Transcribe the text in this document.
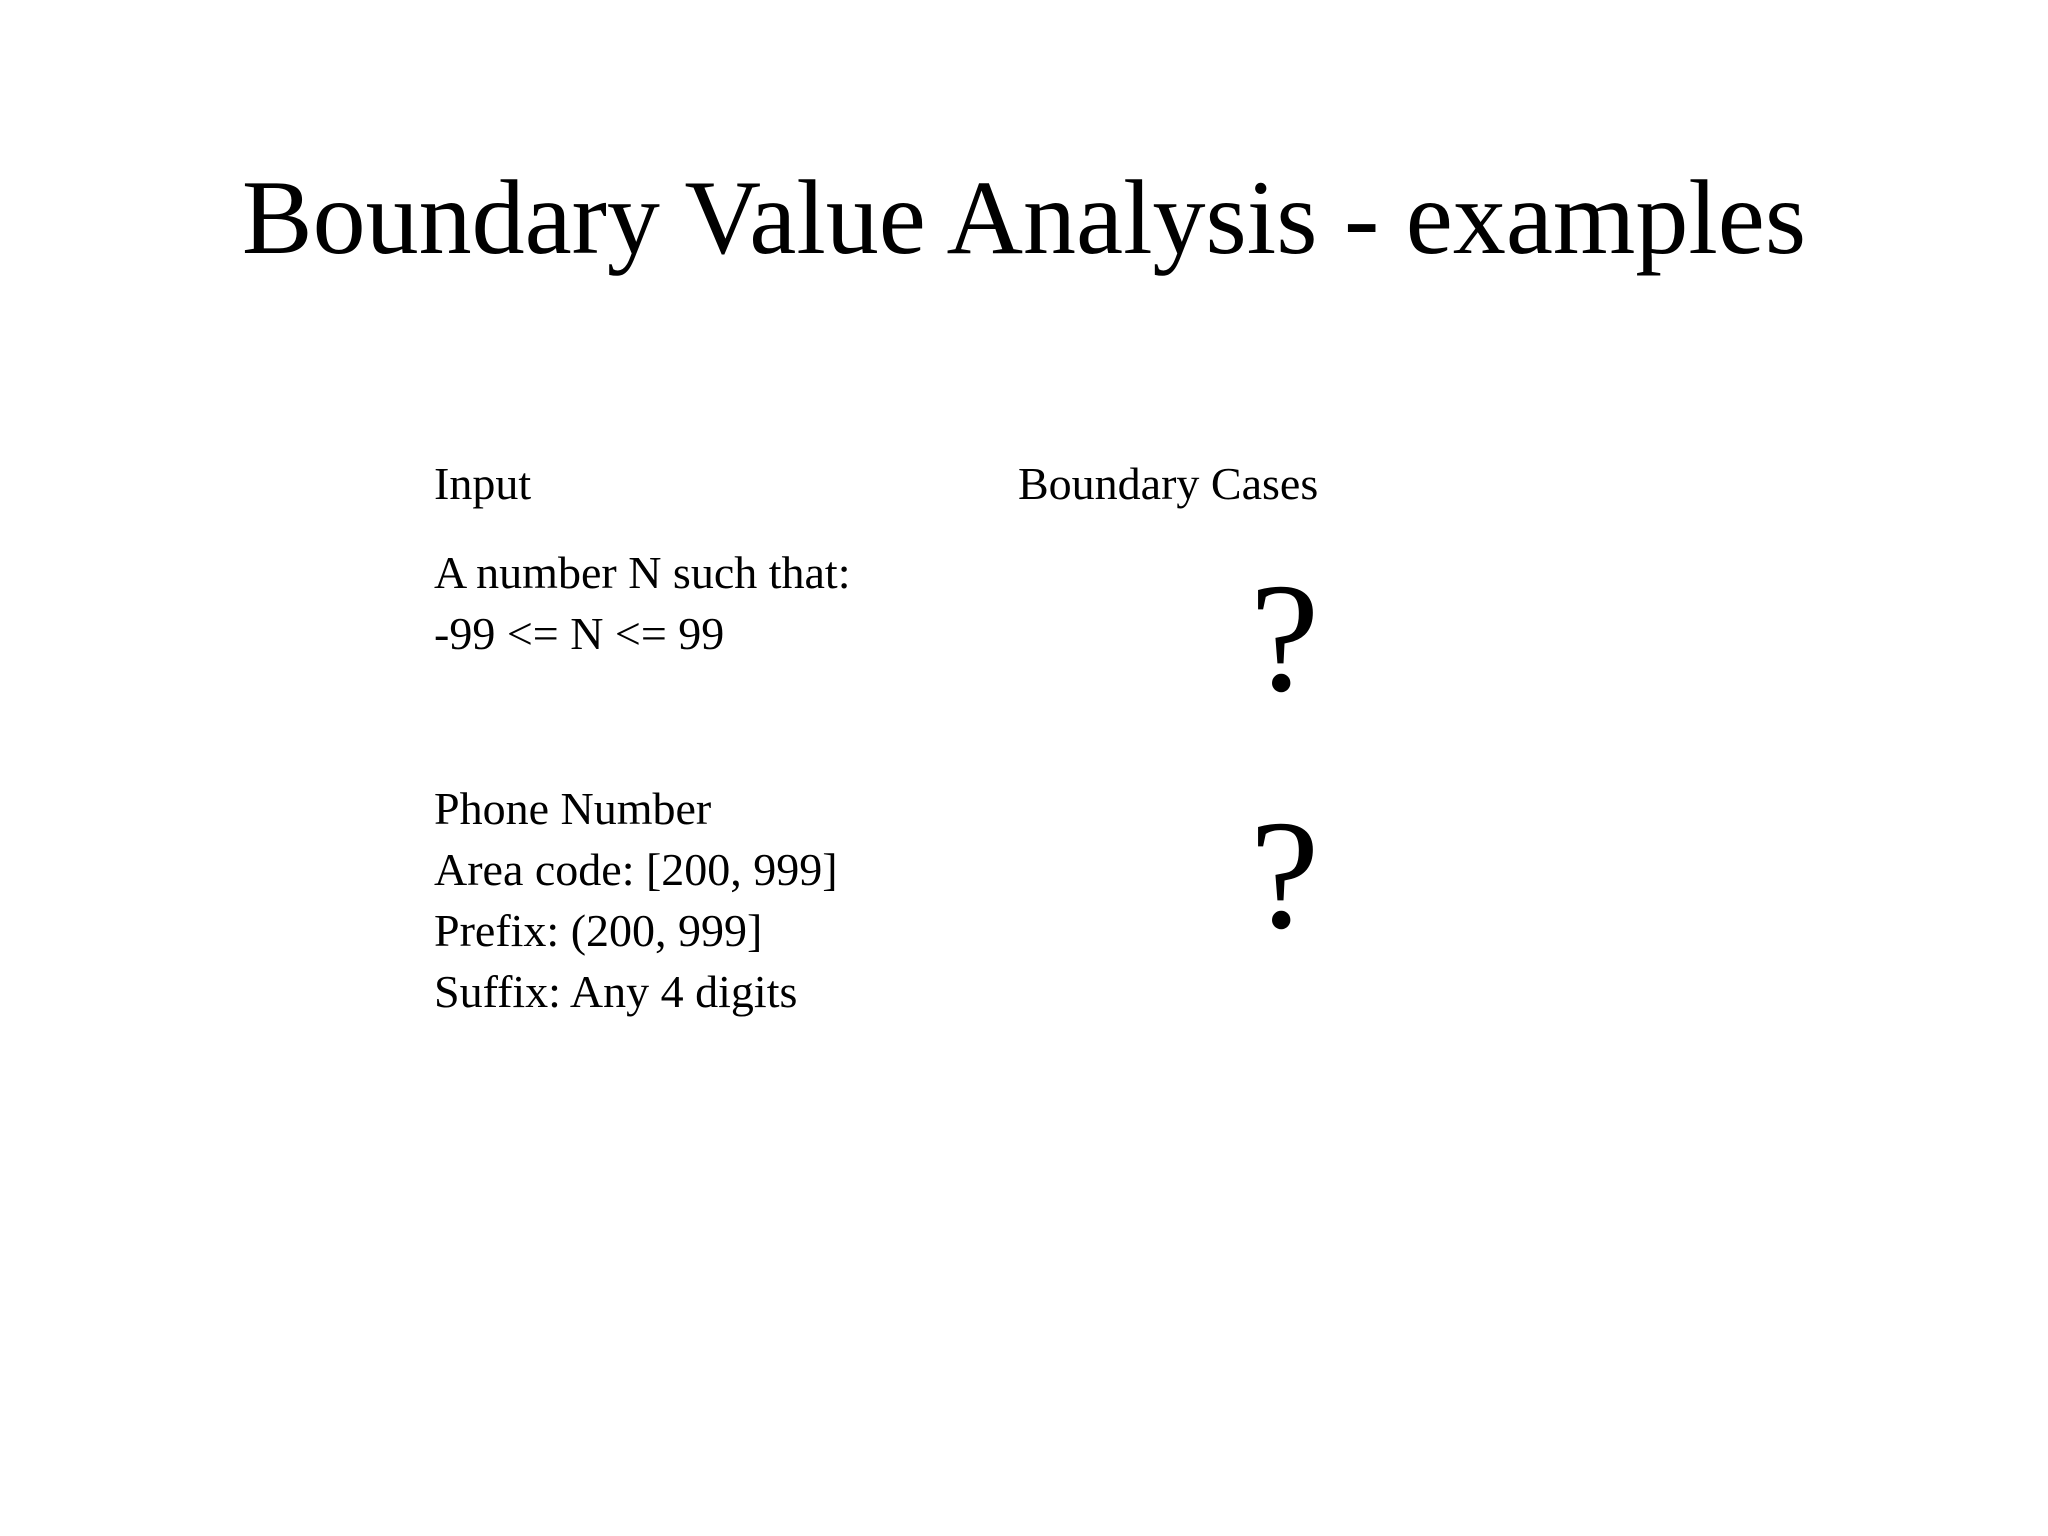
Boundary Value Analysis - examples
Input	Boundary Cases
A number N such that:
-99 <= N <= 99	?
Phone Number
Area code: [200, 999]
Prefix: (200, 999]
Suffix: Any 4 digits
?
